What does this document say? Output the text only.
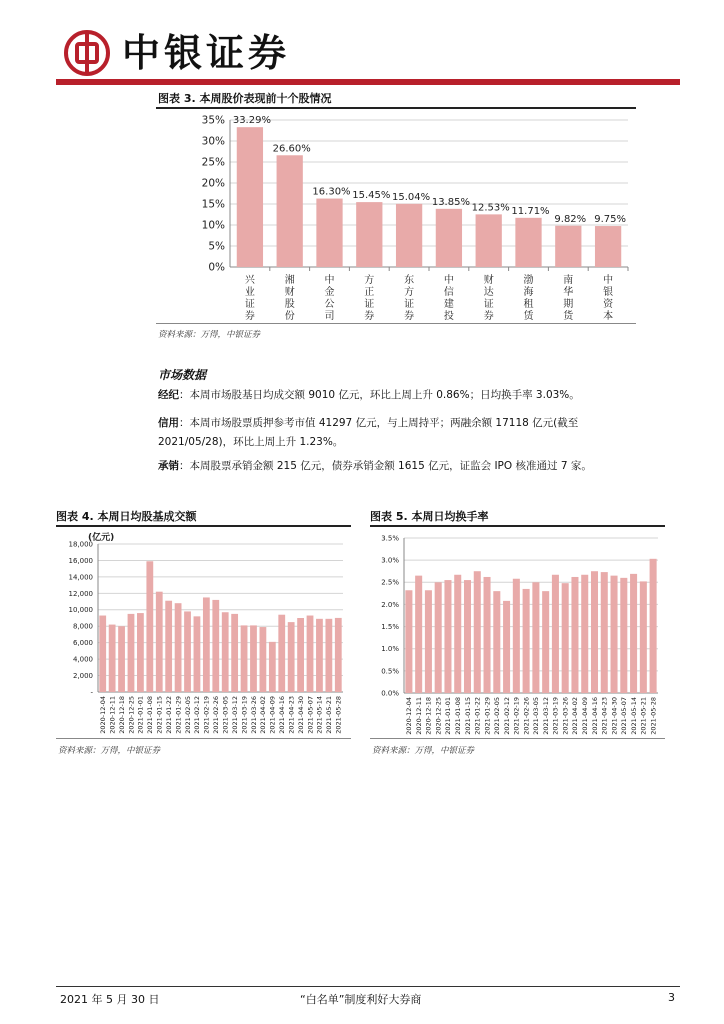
中银证券
图表 3. 本周股价表现前十个股情况
0%
5%
10%
15%
20%
25%
30%
35%
兴业证券
33.29%
湘财股份
26.60%
中金公司
16.30%
方正证券
15.45%
东方证券
15.04%
中信建投
13.85%
财达证券
12.53%
渤海租赁
11.71%
南华期货
9.82%
中银资本
9.75%
资料来源：万得，中银证券
市场数据
经纪：本周市场股基日均成交额 9010 亿元，环比上周上升 0.86%；日均换手率 3.03%。
信用：本周市场股票质押参考市值 41297 亿元，与上周持平；两融余额 17118 亿元(截至 2021/05/28)，环比上周上升 1.23%。
承销：本周股票承销金额 215 亿元，债券承销金额 1615 亿元，证监会 IPO 核准通过 7 家。
图表 4. 本周日均股基成交额
-
2,000
4,000
6,000
8,000
10,000
12,000
14,000
16,000
18,000
2020-12-04 2020-12-11 2020-12-18 2020-12-25 2021-01-01 2021-01-08 2021-01-15 2021-01-22 2021-01-29 2021-02-05 2021-02-12 2021-02-19 2021-02-26 2021-03-05 2021-03-12 2021-03-19 2021-03-26 2021-04-02 2021-04-09 2021-04-16 2021-04-23 2021-04-30 2021-05-07 2021-05-14 2021-05-21 2021-05-28
(亿元)
资料来源：万得，中银证券
图表 5. 本周日均换手率
0.0%
0.5%
1.0%
1.5%
2.0%
2.5%
3.0%
3.5%
2020-12-04 2020-12-11 2020-12-18 2020-12-25 2021-01-01 2021-01-08 2021-01-15 2021-01-22 2021-01-29 2021-02-05 2021-02-12 2021-02-19 2021-02-26 2021-03-05 2021-03-12 2021-03-19 2021-03-26 2021-04-02 2021-04-09 2021-04-16 2021-04-23 2021-04-30 2021-05-07 2021-05-14 2021-05-21 2021-05-28
资料来源：万得，中银证券
2021 年 5 月 30 日	“白名单”制度利好大券商	3
